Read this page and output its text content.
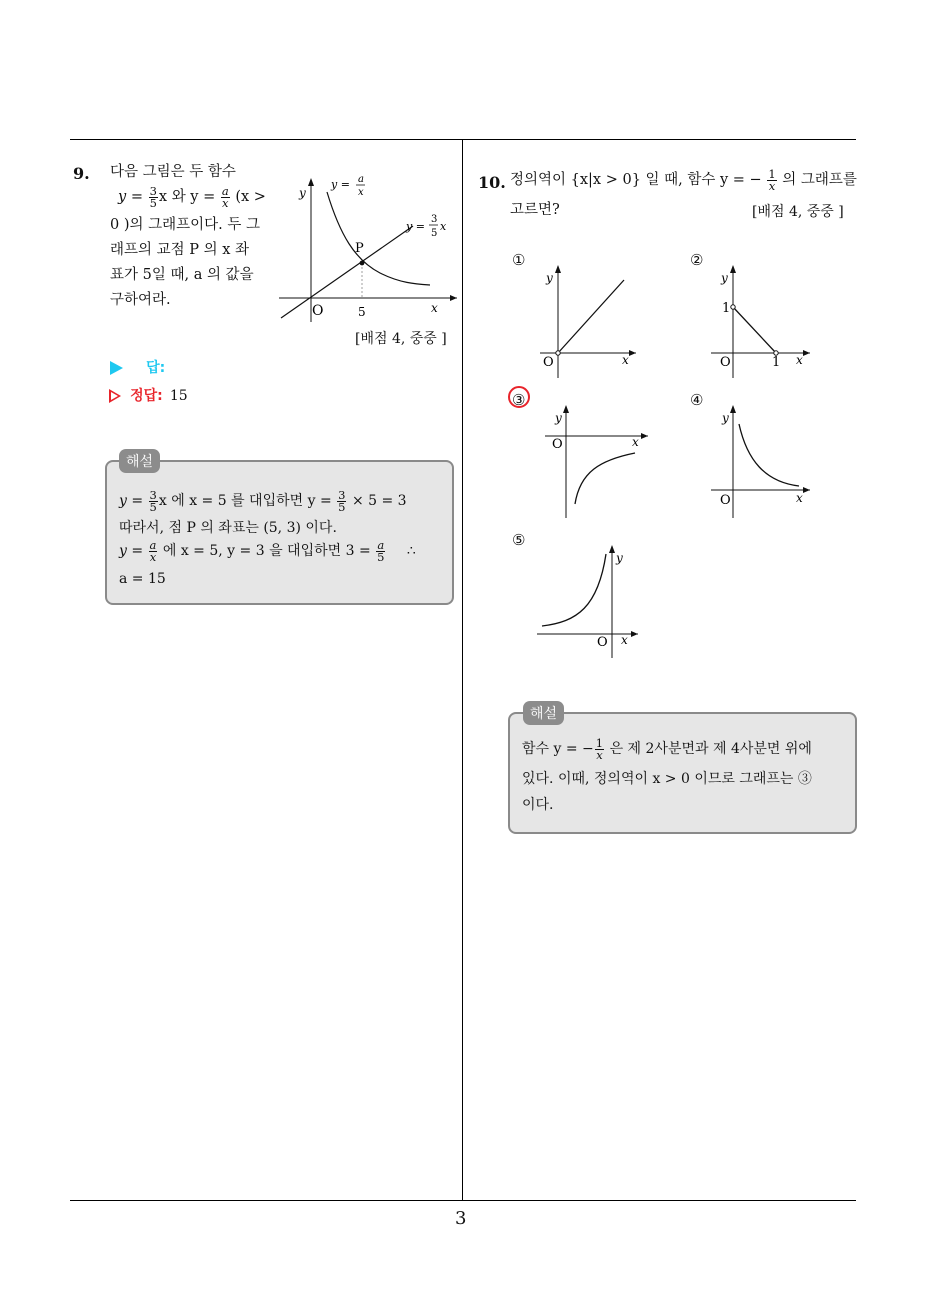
3
9. 다음 그림은 두 함수
$y = \frac{3}{5}$ x 와 $y = \frac{a}{x} (x$ >
0 )의 그래프이다. 두 그
래프의 교점 P 의 x 좌
표가 5일 때, a 의 값을
구하여라.
y
x
O	5
P
y = a
x
y =
3
5
x
[배점 4, 중중 ]
답:
정답: 15
$y = \frac{3}{5}$ x 에 x = 5 를 대입하면 $y = \frac{3}{5} \times 5 = 3$
따라서, 점 P 의 좌표는 (5, 3) 이다.
$y = \frac{a}{x}$ 에 x = 5, y = 3 을 대입하면 $3 = \frac{a}{5}$ ∴
a = 15
해설
10. 정의역이 {x|x > 0} 일 때, 함수 y = − $\frac{1}{x}$ 의 그래프를
고르면?	[배점 4, 중중 ]
①	②
③	④
⑤
y
x
O
y
x
O
1
1
y
x
O
y
x
O
y
x
O
함수 y = − $\frac{1}{x}$ 은 제 2사분면과 제 4사분면 위에
있다. 이때, 정의역이 x > 0 이므로 그래프는 ③
이다.
해설
